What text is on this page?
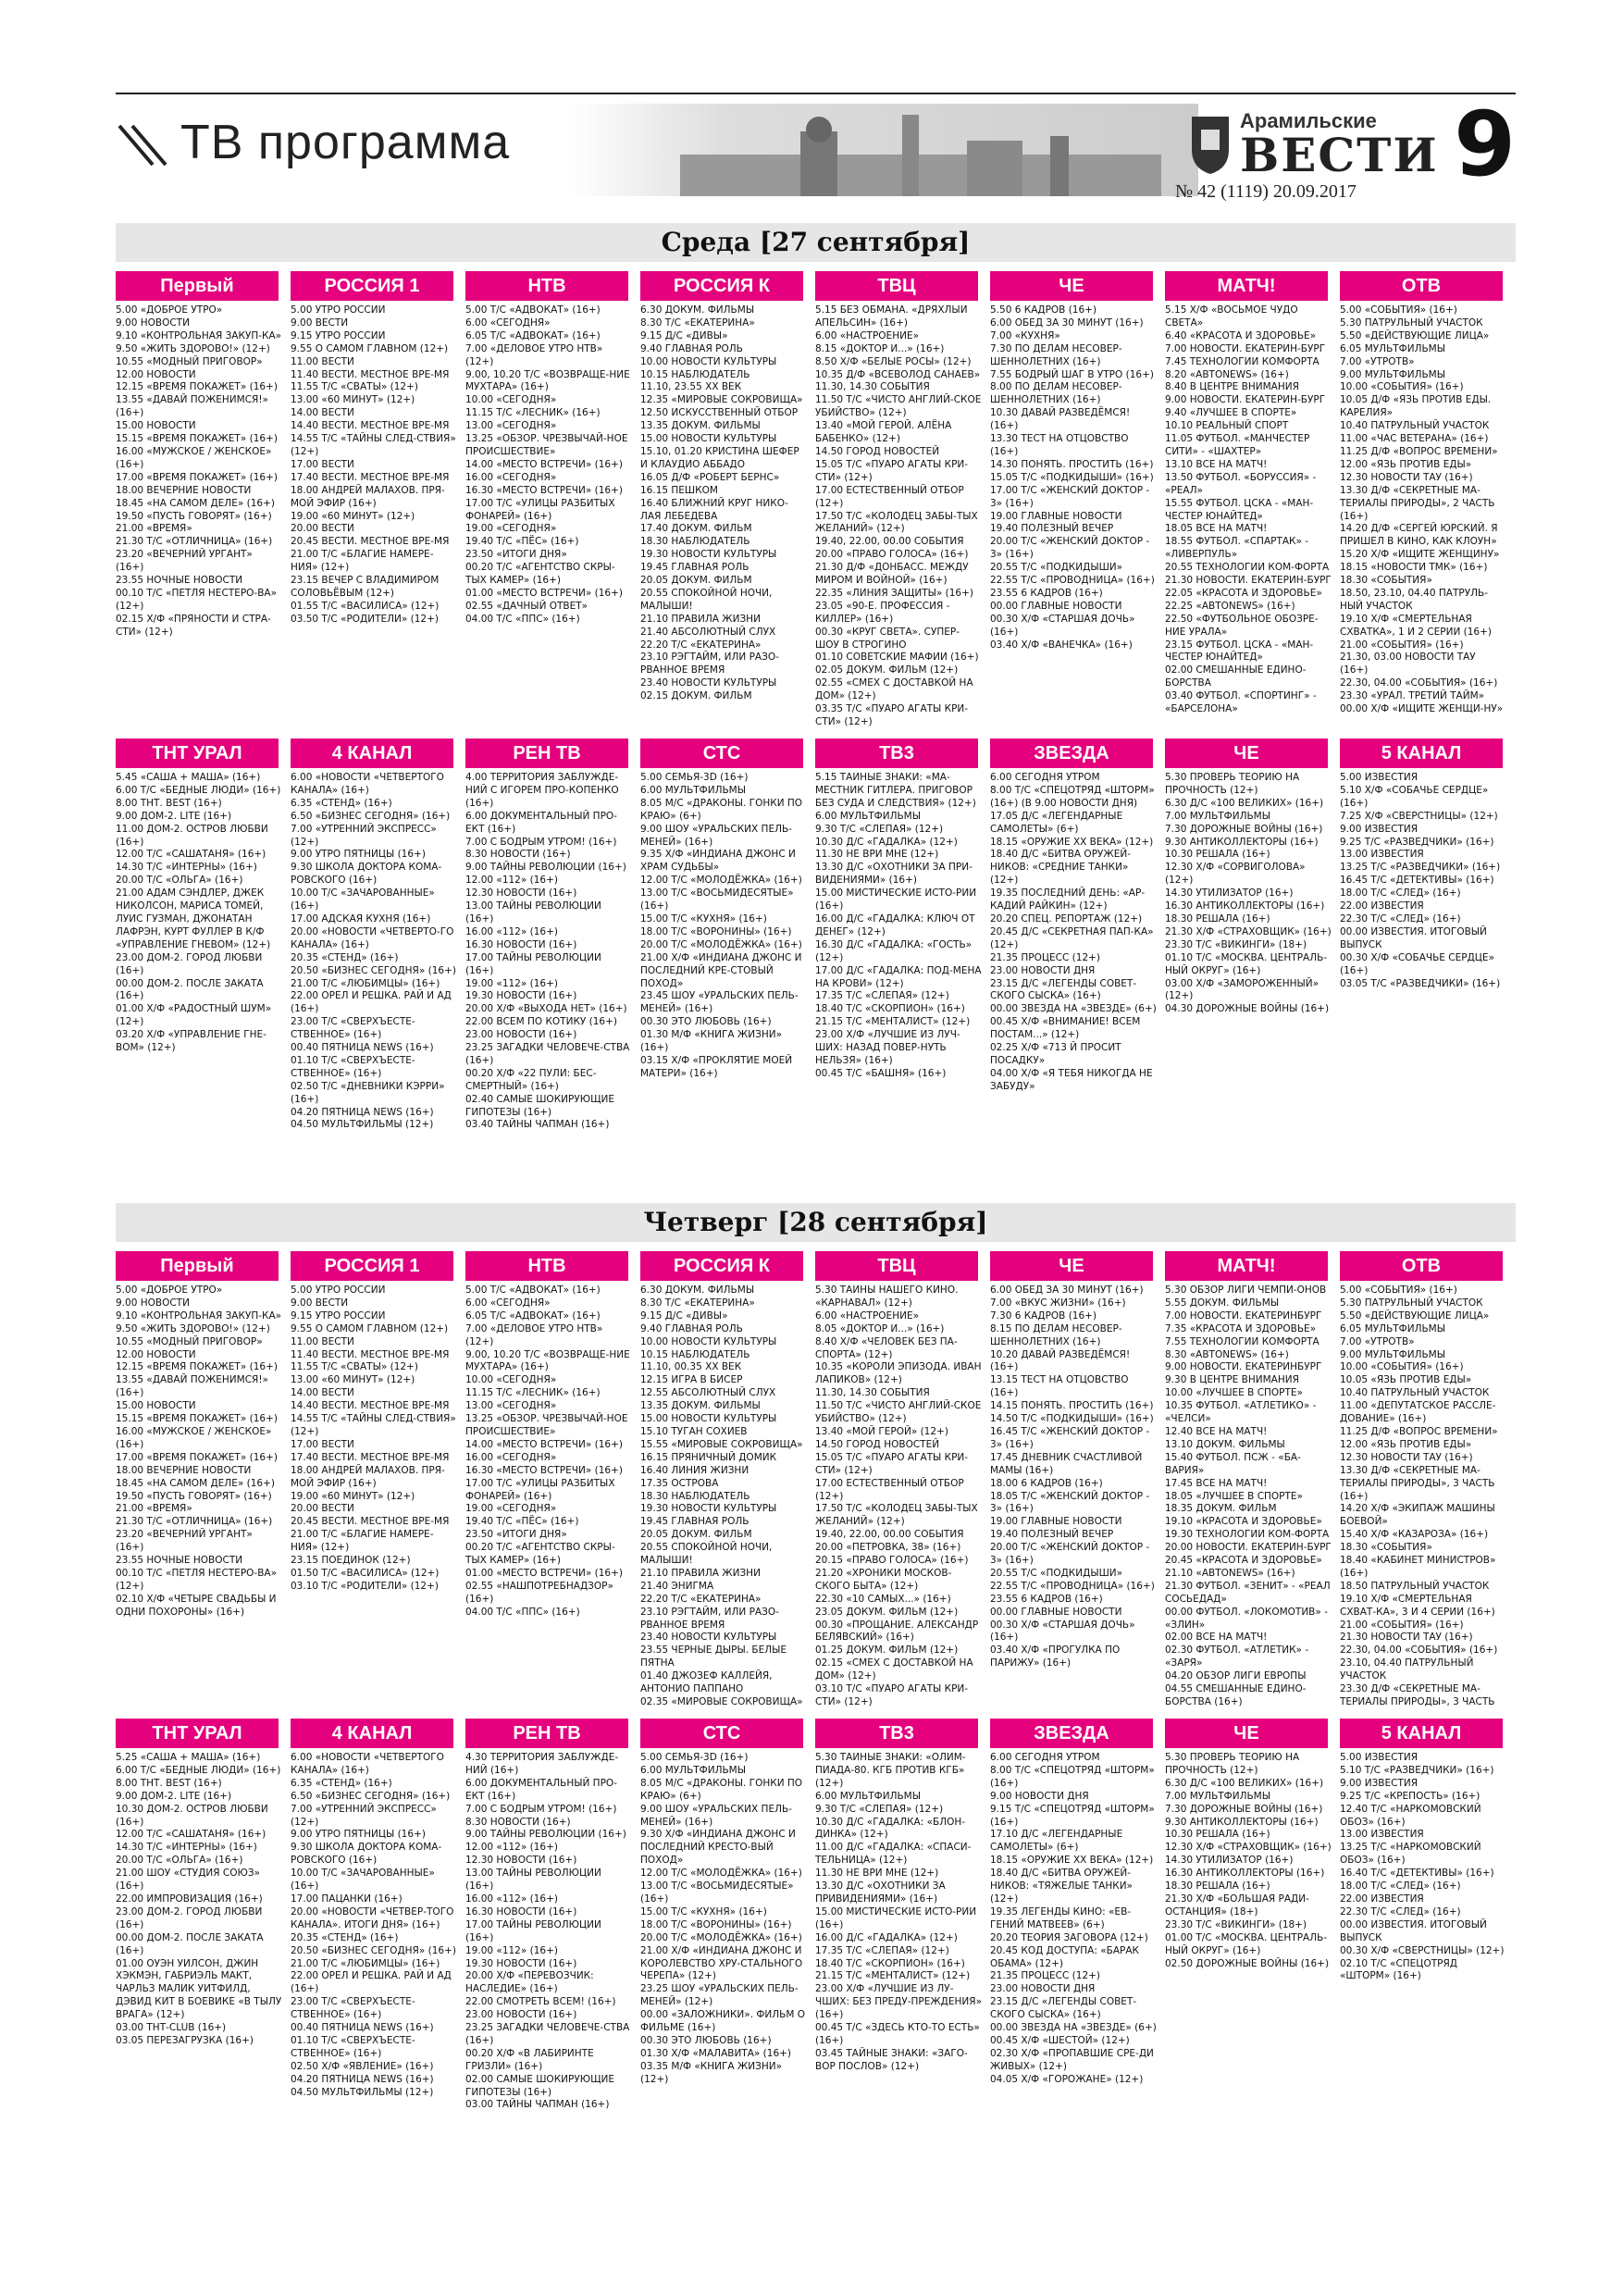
ТВ программа	Арамильские
ВЕСТИ
№ 42 (1119) 20.09.2017 9
Среда [27 сентября]
Первый
5.00 «ДОБРОЕ УТРО»
9.00 НОВОСТИ
9.10 «КОНТРОЛЬНАЯ ЗАКУП-КА»
9.50 «ЖИТЬ ЗДОРОВО!» (12+)
10.55 «МОДНЫЙ ПРИГОВОР»
12.00 НОВОСТИ
12.15 «ВРЕМЯ ПОКАЖЕТ» (16+)
13.55 «ДАВАЙ ПОЖЕНИМСЯ!» (16+)
15.00 НОВОСТИ
15.15 «ВРЕМЯ ПОКАЖЕТ» (16+)
16.00 «МУЖСКОЕ / ЖЕНСКОЕ» (16+)
17.00 «ВРЕМЯ ПОКАЖЕТ» (16+)
18.00 ВЕЧЕРНИЕ НОВОСТИ
18.45 «НА САМОМ ДЕЛЕ» (16+)
19.50 «ПУСТЬ ГОВОРЯТ» (16+)
21.00 «ВРЕМЯ»
21.30 Т/С «ОТЛИЧНИЦА» (16+)
23.20 «ВЕЧЕРНИЙ УРГАНТ» (16+)
23.55 НОЧНЫЕ НОВОСТИ
00.10 Т/С «ПЕТЛЯ НЕСТЕРО-ВА» (12+)
02.15 Х/Ф «ПРЯНОСТИ И СТРА-СТИ» (12+)
РОССИЯ 1
5.00 УТРО РОССИИ
9.00 ВЕСТИ
9.15 УТРО РОССИИ
9.55 О САМОМ ГЛАВНОМ (12+)
11.00 ВЕСТИ
11.40 ВЕСТИ. МЕСТНОЕ ВРЕ-МЯ
11.55 Т/С «СВАТЫ» (12+)
13.00 «60 МИНУТ» (12+)
14.00 ВЕСТИ
14.40 ВЕСТИ. МЕСТНОЕ ВРЕ-МЯ
14.55 Т/С «ТАЙНЫ СЛЕД-СТВИЯ» (12+)
17.00 ВЕСТИ
17.40 ВЕСТИ. МЕСТНОЕ ВРЕ-МЯ
18.00 АНДРЕЙ МАЛАХОВ. ПРЯ-МОЙ ЭФИР (16+)
19.00 «60 МИНУТ» (12+)
20.00 ВЕСТИ
20.45 ВЕСТИ. МЕСТНОЕ ВРЕ-МЯ
21.00 Т/С «БЛАГИЕ НАМЕРЕ-НИЯ» (12+)
23.15 ВЕЧЕР С ВЛАДИМИРОМ СОЛОВЬЁВЫМ (12+)
01.55 Т/С «ВАСИЛИСА» (12+)
03.50 Т/С «РОДИТЕЛИ» (12+)
НТВ
5.00 Т/С «АДВОКАТ» (16+)
6.00 «СЕГОДНЯ»
6.05 Т/С «АДВОКАТ» (16+)
7.00 «ДЕЛОВОЕ УТРО НТВ» (12+)
9.00, 10.20 Т/С «ВОЗВРАЩЕ-НИЕ МУХТАРА» (16+)
10.00 «СЕГОДНЯ»
11.15 Т/С «ЛЕСНИК» (16+)
13.00 «СЕГОДНЯ»
13.25 «ОБЗОР. ЧРЕЗВЫЧАЙ-НОЕ ПРОИСШЕСТВИЕ»
14.00 «МЕСТО ВСТРЕЧИ» (16+)
16.00 «СЕГОДНЯ»
16.30 «МЕСТО ВСТРЕЧИ» (16+)
17.00 Т/С «УЛИЦЫ РАЗБИТЫХ ФОНАРЕЙ» (16+)
19.00 «СЕГОДНЯ»
19.40 Т/С «ПЁС» (16+)
23.50 «ИТОГИ ДНЯ»
00.20 Т/С «АГЕНТСТВО СКРЫ-ТЫХ КАМЕР» (16+)
01.00 «МЕСТО ВСТРЕЧИ» (16+)
02.55 «ДАЧНЫЙ ОТВЕТ»
04.00 Т/С «ППС» (16+)
РОССИЯ К
6.30 ДОКУМ. ФИЛЬМЫ
8.30 Т/С «ЕКАТЕРИНА»
9.15 Д/С «ДИВЫ»
9.40 ГЛАВНАЯ РОЛЬ
10.00 НОВОСТИ КУЛЬТУРЫ
10.15 НАБЛЮДАТЕЛЬ
11.10, 23.55 XX ВЕК
12.35 «МИРОВЫЕ СОКРОВИЩА»
12.50 ИСКУССТВЕННЫЙ ОТБОР
13.35 ДОКУМ. ФИЛЬМЫ
15.00 НОВОСТИ КУЛЬТУРЫ
15.10, 01.20 КРИСТИНА ШЕФЕР И КЛАУДИО АББАДО
16.05 Д/Ф «РОБЕРТ БЕРНС»
16.15 ПЕШКОМ
16.40 БЛИЖНИЙ КРУГ НИКО-ЛАЯ ЛЕБЕДЕВА
17.40 ДОКУМ. ФИЛЬМ
18.30 НАБЛЮДАТЕЛЬ
19.30 НОВОСТИ КУЛЬТУРЫ
19.45 ГЛАВНАЯ РОЛЬ
20.05 ДОКУМ. ФИЛЬМ
20.55 СПОКОЙНОЙ НОЧИ, МАЛЫШИ!
21.10 ПРАВИЛА ЖИЗНИ
21.40 АБСОЛЮТНЫЙ СЛУХ
22.20 Т/С «ЕКАТЕРИНА»
23.10 РЭГТАЙМ, ИЛИ РАЗО-РВАННОЕ ВРЕМЯ
23.40 НОВОСТИ КУЛЬТУРЫ
02.15 ДОКУМ. ФИЛЬМ
ТВЦ
5.15 БЕЗ ОБМАНА. «ДРЯХЛЫЙ АПЕЛЬСИН» (16+)
6.00 «НАСТРОЕНИЕ»
8.15 «ДОКТОР И...» (16+)
8.50 Х/Ф «БЕЛЫЕ РОСЫ» (12+)
10.35 Д/Ф «ВСЕВОЛОД САНАЕВ»
11.30, 14.30 СОБЫТИЯ
11.50 Т/С «ЧИСТО АНГЛИЙ-СКОЕ УБИЙСТВО» (12+)
13.40 «МОЙ ГЕРОЙ. АЛЁНА БАБЕНКО» (12+)
14.50 ГОРОД НОВОСТЕЙ
15.05 Т/С «ПУАРО АГАТЫ КРИ-СТИ» (12+)
17.00 ЕСТЕСТВЕННЫЙ ОТБОР (12+)
17.50 Т/С «КОЛОДЕЦ ЗАБЫ-ТЫХ ЖЕЛАНИЙ» (12+)
19.40, 22.00, 00.00 СОБЫТИЯ
20.00 «ПРАВО ГОЛОСА» (16+)
21.30 Д/Ф «ДОНБАСС. МЕЖДУ МИРОМ И ВОЙНОЙ» (16+)
22.35 «ЛИНИЯ ЗАЩИТЫ» (16+)
23.05 «90-Е. ПРОФЕССИЯ - КИЛЛЕР» (16+)
00.30 «КРУГ СВЕТА». СУПЕР-ШОУ В СТРОГИНО
01.10 СОВЕТСКИЕ МАФИИ (16+)
02.05 ДОКУМ. ФИЛЬМ (12+)
02.55 «СМЕХ С ДОСТАВКОЙ НА ДОМ» (12+)
03.35 Т/С «ПУАРО АГАТЫ КРИ-СТИ» (12+)
ЧЕ
5.50 6 КАДРОВ (16+)
6.00 ОБЕД ЗА 30 МИНУТ (16+)
7.00 «КУХНЯ»
7.30 ПО ДЕЛАМ НЕСОВЕР-ШЕННОЛЕТНИХ (16+)
7.55 БОДРЫЙ ШАГ В УТРО (16+)
8.00 ПО ДЕЛАМ НЕСОВЕР-ШЕННОЛЕТНИХ (16+)
10.30 ДАВАЙ РАЗВЕДЁМСЯ! (16+)
13.30 ТЕСТ НА ОТЦОВСТВО (16+)
14.30 ПОНЯТЬ. ПРОСТИТЬ (16+)
15.05 Т/С «ПОДКИДЫШИ» (16+)
17.00 Т/С «ЖЕНСКИЙ ДОКТОР - 3» (16+)
19.00 ГЛАВНЫЕ НОВОСТИ
19.40 ПОЛЕЗНЫЙ ВЕЧЕР
20.00 Т/С «ЖЕНСКИЙ ДОКТОР - 3» (16+)
20.55 Т/С «ПОДКИДЫШИ»
22.55 Т/С «ПРОВОДНИЦА» (16+)
23.55 6 КАДРОВ (16+)
00.00 ГЛАВНЫЕ НОВОСТИ
00.30 Х/Ф «СТАРШАЯ ДОЧЬ» (16+)
03.40 Х/Ф «ВАНЕЧКА» (16+)
МАТЧ!
5.15 Х/Ф «ВОСЬМОЕ ЧУДО СВЕТА»
6.40 «КРАСОТА И ЗДОРОВЬЕ»
7.00 НОВОСТИ. ЕКАТЕРИН-БУРГ
7.45 ТЕХНОЛОГИИ КОМФОРТА
8.20 «АВТОNEWS» (16+)
8.40 В ЦЕНТРЕ ВНИМАНИЯ
9.00 НОВОСТИ. ЕКАТЕРИН-БУРГ
9.40 «ЛУЧШЕЕ В СПОРТЕ»
10.10 РЕАЛЬНЫЙ СПОРТ
11.05 ФУТБОЛ. «МАНЧЕСТЕР СИТИ» - «ШАХТЕР»
13.10 ВСЕ НА МАТЧ!
13.50 ФУТБОЛ. «БОРУССИЯ» - «РЕАЛ»
15.55 ФУТБОЛ. ЦСКА - «МАН-ЧЕСТЕР ЮНАЙТЕД»
18.05 ВСЕ НА МАТЧ!
18.55 ФУТБОЛ. «СПАРТАК» - «ЛИВЕРПУЛЬ»
20.55 ТЕХНОЛОГИИ КОМ-ФОРТА
21.30 НОВОСТИ. ЕКАТЕРИН-БУРГ
22.05 «КРАСОТА И ЗДОРОВЬЕ»
22.25 «АВТОNEWS» (16+)
22.50 «ФУТБОЛЬНОЕ ОБОЗРЕ-НИЕ УРАЛА»
23.15 ФУТБОЛ. ЦСКА - «МАН-ЧЕСТЕР ЮНАЙТЕД»
02.00 СМЕШАННЫЕ ЕДИНО-БОРСТВА
03.40 ФУТБОЛ. «СПОРТИНГ» - «БАРСЕЛОНА»
ОТВ
5.00 «СОБЫТИЯ» (16+)
5.30 ПАТРУЛЬНЫЙ УЧАСТОК
5.50 «ДЕЙСТВУЮЩИЕ ЛИЦА»
6.05 МУЛЬТФИЛЬМЫ
7.00 «УТРОТВ»
9.00 МУЛЬТФИЛЬМЫ
10.00 «СОБЫТИЯ» (16+)
10.05 Д/Ф «ЯЗЬ ПРОТИВ ЕДЫ. КАРЕЛИЯ»
10.40 ПАТРУЛЬНЫЙ УЧАСТОК
11.00 «ЧАС ВЕТЕРАНА» (16+)
11.25 Д/Ф «ВОПРОС ВРЕМЕНИ»
12.00 «ЯЗЬ ПРОТИВ ЕДЫ»
12.30 НОВОСТИ ТАУ (16+)
13.30 Д/Ф «СЕКРЕТНЫЕ МА-ТЕРИАЛЫ ПРИРОДЫ», 2 ЧАСТЬ (16+)
14.20 Д/Ф «СЕРГЕЙ ЮРСКИЙ. Я ПРИШЕЛ В КИНО, КАК КЛОУН»
15.20 Х/Ф «ИЩИТЕ ЖЕНЩИНУ»
18.15 «НОВОСТИ ТМК» (16+)
18.30 «СОБЫТИЯ»
18.50, 23.10, 04.40 ПАТРУЛЬ-НЫЙ УЧАСТОК
19.10 Х/Ф «СМЕРТЕЛЬНАЯ СХВАТКА», 1 И 2 СЕРИИ (16+)
21.00 «СОБЫТИЯ» (16+)
21.30, 03.00 НОВОСТИ ТАУ (16+)
22.30, 04.00 «СОБЫТИЯ» (16+)
23.30 «УРАЛ. ТРЕТИЙ ТАЙМ»
00.00 Х/Ф «ИЩИТЕ ЖЕНЩИ-НУ»
ТНТ УРАЛ
5.45 «САША + МАША» (16+)
6.00 Т/С «БЕДНЫЕ ЛЮДИ» (16+)
8.00 ТНТ. BEST (16+)
9.00 ДОМ-2. LITE (16+)
11.00 ДОМ-2. ОСТРОВ ЛЮБВИ (16+)
12.00 Т/С «САШАТАНЯ» (16+)
14.30 Т/С «ИНТЕРНЫ» (16+)
20.00 Т/С «ОЛЬГА» (16+)
21.00 АДАМ СЭНДЛЕР, ДЖЕК НИКОЛСОН, МАРИСА ТОМЕЙ, ЛУИС ГУЗМАН, ДЖОНАТАН ЛАФРЭН, КУРТ ФУЛЛЕР В К/Ф «УПРАВЛЕНИЕ ГНЕВОМ» (12+)
23.00 ДОМ-2. ГОРОД ЛЮБВИ (16+)
00.00 ДОМ-2. ПОСЛЕ ЗАКАТА (16+)
01.00 Х/Ф «РАДОСТНЫЙ ШУМ» (12+)
03.20 Х/Ф «УПРАВЛЕНИЕ ГНЕ-ВОМ» (12+)
4 КАНАЛ
6.00 «НОВОСТИ «ЧЕТВЕРТОГО КАНАЛА» (16+)
6.35 «СТЕНД» (16+)
6.50 «БИЗНЕС СЕГОДНЯ» (16+)
7.00 «УТРЕННИЙ ЭКСПРЕСС» (12+)
9.00 УТРО ПЯТНИЦЫ (16+)
9.30 ШКОЛА ДОКТОРА КОМА-РОВСКОГО (16+)
10.00 Т/С «ЗАЧАРОВАННЫЕ» (16+)
17.00 АДСКАЯ КУХНЯ (16+)
20.00 «НОВОСТИ «ЧЕТВЕРТО-ГО КАНАЛА» (16+)
20.35 «СТЕНД» (16+)
20.50 «БИЗНЕС СЕГОДНЯ» (16+)
21.00 Т/С «ЛЮБИМЦЫ» (16+)
22.00 ОРЕЛ И РЕШКА. РАЙ И АД (16+)
23.00 Т/С «СВЕРХЪЕСТЕ-СТВЕННОЕ» (16+)
00.40 ПЯТНИЦА NEWS (16+)
01.10 Т/С «СВЕРХЪЕСТЕ-СТВЕННОЕ» (16+)
02.50 Т/С «ДНЕВНИКИ КЭРРИ» (16+)
04.20 ПЯТНИЦА NEWS (16+)
04.50 МУЛЬТФИЛЬМЫ (12+)
РЕН ТВ
4.00 ТЕРРИТОРИЯ ЗАБЛУЖДЕ-НИЙ С ИГОРЕМ ПРО-КОПЕНКО (16+)
6.00 ДОКУМЕНТАЛЬНЫЙ ПРО-ЕКТ (16+)
7.00 С БОДРЫМ УТРОМ! (16+)
8.30 НОВОСТИ (16+)
9.00 ТАЙНЫ РЕВОЛЮЦИИ (16+)
12.00 «112» (16+)
12.30 НОВОСТИ (16+)
13.00 ТАЙНЫ РЕВОЛЮЦИИ (16+)
16.00 «112» (16+)
16.30 НОВОСТИ (16+)
17.00 ТАЙНЫ РЕВОЛЮЦИИ (16+)
19.00 «112» (16+)
19.30 НОВОСТИ (16+)
20.00 Х/Ф «ВЫХОДА НЕТ» (16+)
22.00 ВСЕМ ПО КОТИКУ (16+)
23.00 НОВОСТИ (16+)
23.25 ЗАГАДКИ ЧЕЛОВЕЧЕ-СТВА (16+)
00.20 Х/Ф «22 ПУЛИ: БЕС-СМЕРТНЫЙ» (16+)
02.40 САМЫЕ ШОКИРУЮЩИЕ ГИПОТЕЗЫ (16+)
03.40 ТАЙНЫ ЧАПМАН (16+)
СТС
5.00 СЕМЬЯ-3D (16+)
6.00 МУЛЬТФИЛЬМЫ
8.05 М/С «ДРАКОНЫ. ГОНКИ ПО КРАЮ» (6+)
9.00 ШОУ «УРАЛЬСКИХ ПЕЛЬ-МЕНЕЙ» (16+)
9.35 Х/Ф «ИНДИАНА ДЖОНС И ХРАМ СУДЬБЫ»
12.00 Т/С «МОЛОДЁЖКА» (16+)
13.00 Т/С «ВОСЬМИДЕСЯТЫЕ» (16+)
15.00 Т/С «КУХНЯ» (16+)
18.00 Т/С «ВОРОНИНЫ» (16+)
20.00 Т/С «МОЛОДЁЖКА» (16+)
21.00 Х/Ф «ИНДИАНА ДЖОНС И ПОСЛЕДНИЙ КРЕ-СТОВЫЙ ПОХОД»
23.45 ШОУ «УРАЛЬСКИХ ПЕЛЬ-МЕНЕЙ» (16+)
00.30 ЭТО ЛЮБОВЬ (16+)
01.30 М/Ф «КНИГА ЖИЗНИ» (16+)
03.15 Х/Ф «ПРОКЛЯТИЕ МОЕЙ МАТЕРИ» (16+)
ТВ3
5.15 ТАЙНЫЕ ЗНАКИ: «МА-МЕСТНИК ГИТЛЕРА. ПРИГОВОР БЕЗ СУДА И СЛЕДСТВИЯ» (12+)
6.00 МУЛЬТФИЛЬМЫ
9.30 Т/С «СЛЕПАЯ» (12+)
10.30 Д/С «ГАДАЛКА» (12+)
11.30 НЕ ВРИ МНЕ (12+)
13.30 Д/С «ОХОТНИКИ ЗА ПРИ-ВИДЕНИЯМИ» (16+)
15.00 МИСТИЧЕСКИЕ ИСТО-РИИ (16+)
16.00 Д/С «ГАДАЛКА: КЛЮЧ ОТ ДЕНЕГ» (12+)
16.30 Д/С «ГАДАЛКА: «ГОСТЬ» (12+)
17.00 Д/С «ГАДАЛКА: ПОД-МЕНА НА КРОВИ» (12+)
17.35 Т/С «СЛЕПАЯ» (12+)
18.40 Т/С «СКОРПИОН» (16+)
21.15 Т/С «МЕНТАЛИСТ» (12+)
23.00 Х/Ф «ЛУЧШИЕ ИЗ ЛУЧ-ШИХ: НАЗАД ПОВЕР-НУТЬ НЕЛЬЗЯ» (16+)
00.45 Т/С «БАШНЯ» (16+)
ЗВЕЗДА
6.00 СЕГОДНЯ УТРОМ
8.00 Т/С «СПЕЦОТРЯД «ШТОРМ» (16+) (В 9.00 НОВОСТИ ДНЯ)
17.05 Д/С «ЛЕГЕНДАРНЫЕ САМОЛЕТЫ» (6+)
18.15 «ОРУЖИЕ XX ВЕКА» (12+)
18.40 Д/С «БИТВА ОРУЖЕЙ-НИКОВ: «СРЕДНИЕ ТАНКИ» (12+)
19.35 ПОСЛЕДНИЙ ДЕНЬ: «АР-КАДИЙ РАЙКИН» (12+)
20.20 СПЕЦ. РЕПОРТАЖ (12+)
20.45 Д/С «СЕКРЕТНАЯ ПАП-КА» (12+)
21.35 ПРОЦЕСС (12+)
23.00 НОВОСТИ ДНЯ
23.15 Д/С «ЛЕГЕНДЫ СОВЕТ-СКОГО СЫСКА» (16+)
00.00 ЗВЕЗДА НА «ЗВЕЗДЕ» (6+)
00.45 Х/Ф «ВНИМАНИЕ! ВСЕМ ПОСТАМ...» (12+)
02.25 Х/Ф «713 Й ПРОСИТ ПОСАДКУ»
04.00 Х/Ф «Я ТЕБЯ НИКОГДА НЕ ЗАБУДУ»
ЧЕ
5.30 ПРОВЕРЬ ТЕОРИЮ НА ПРОЧНОСТЬ (12+)
6.30 Д/С «100 ВЕЛИКИХ» (16+)
7.00 МУЛЬТФИЛЬМЫ
7.30 ДОРОЖНЫЕ ВОЙНЫ (16+)
9.30 АНТИКОЛЛЕКТОРЫ (16+)
10.30 РЕШАЛА (16+)
12.30 Х/Ф «СОРВИГОЛОВА» (12+)
14.30 УТИЛИЗАТОР (16+)
16.30 АНТИКОЛЛЕКТОРЫ (16+)
18.30 РЕШАЛА (16+)
21.30 Х/Ф «СТРАХОВЩИК» (16+)
23.30 Т/С «ВИКИНГИ» (18+)
01.10 Т/С «МОСКВА. ЦЕНТРАЛЬ-НЫЙ ОКРУГ» (16+)
03.00 Х/Ф «ЗАМОРОЖЕННЫЙ» (12+)
04.30 ДОРОЖНЫЕ ВОЙНЫ (16+)
5 КАНАЛ
5.00 ИЗВЕСТИЯ
5.10 Х/Ф «СОБАЧЬЕ СЕРДЦЕ» (16+)
7.25 Х/Ф «СВЕРСТНИЦЫ» (12+)
9.00 ИЗВЕСТИЯ
9.25 Т/С «РАЗВЕДЧИКИ» (16+)
13.00 ИЗВЕСТИЯ
13.25 Т/С «РАЗВЕДЧИКИ» (16+)
16.45 Т/С «ДЕТЕКТИВЫ» (16+)
18.00 Т/С «СЛЕД» (16+)
22.00 ИЗВЕСТИЯ
22.30 Т/С «СЛЕД» (16+)
00.00 ИЗВЕСТИЯ. ИТОГОВЫЙ ВЫПУСК
00.30 Х/Ф «СОБАЧЬЕ СЕРДЦЕ» (16+)
03.05 Т/С «РАЗВЕДЧИКИ» (16+)
Четверг [28 сентября]
Первый
5.00 «ДОБРОЕ УТРО»
9.00 НОВОСТИ
9.10 «КОНТРОЛЬНАЯ ЗАКУП-КА»
9.50 «ЖИТЬ ЗДОРОВО!» (12+)
10.55 «МОДНЫЙ ПРИГОВОР»
12.00 НОВОСТИ
12.15 «ВРЕМЯ ПОКАЖЕТ» (16+)
13.55 «ДАВАЙ ПОЖЕНИМСЯ!» (16+)
15.00 НОВОСТИ
15.15 «ВРЕМЯ ПОКАЖЕТ» (16+)
16.00 «МУЖСКОЕ / ЖЕНСКОЕ» (16+)
17.00 «ВРЕМЯ ПОКАЖЕТ» (16+)
18.00 ВЕЧЕРНИЕ НОВОСТИ
18.45 «НА САМОМ ДЕЛЕ» (16+)
19.50 «ПУСТЬ ГОВОРЯТ» (16+)
21.00 «ВРЕМЯ»
21.30 Т/С «ОТЛИЧНИЦА» (16+)
23.20 «ВЕЧЕРНИЙ УРГАНТ» (16+)
23.55 НОЧНЫЕ НОВОСТИ
00.10 Т/С «ПЕТЛЯ НЕСТЕРО-ВА» (12+)
02.10 Х/Ф «ЧЕТЫРЕ СВАДЬБЫ И ОДНИ ПОХОРОНЫ» (16+)
РОССИЯ 1
5.00 УТРО РОССИИ
9.00 ВЕСТИ
9.15 УТРО РОССИИ
9.55 О САМОМ ГЛАВНОМ (12+)
11.00 ВЕСТИ
11.40 ВЕСТИ. МЕСТНОЕ ВРЕ-МЯ
11.55 Т/С «СВАТЫ» (12+)
13.00 «60 МИНУТ» (12+)
14.00 ВЕСТИ
14.40 ВЕСТИ. МЕСТНОЕ ВРЕ-МЯ
14.55 Т/С «ТАЙНЫ СЛЕД-СТВИЯ» (12+)
17.00 ВЕСТИ
17.40 ВЕСТИ. МЕСТНОЕ ВРЕ-МЯ
18.00 АНДРЕЙ МАЛАХОВ. ПРЯ-МОЙ ЭФИР (16+)
19.00 «60 МИНУТ» (12+)
20.00 ВЕСТИ
20.45 ВЕСТИ. МЕСТНОЕ ВРЕ-МЯ
21.00 Т/С «БЛАГИЕ НАМЕРЕ-НИЯ» (12+)
23.15 ПОЕДИНОК (12+)
01.50 Т/С «ВАСИЛИСА» (12+)
03.10 Т/С «РОДИТЕЛИ» (12+)
НТВ
5.00 Т/С «АДВОКАТ» (16+)
6.00 «СЕГОДНЯ»
6.05 Т/С «АДВОКАТ» (16+)
7.00 «ДЕЛОВОЕ УТРО НТВ» (12+)
9.00, 10.20 Т/С «ВОЗВРАЩЕ-НИЕ МУХТАРА» (16+)
10.00 «СЕГОДНЯ»
11.15 Т/С «ЛЕСНИК» (16+)
13.00 «СЕГОДНЯ»
13.25 «ОБЗОР. ЧРЕЗВЫЧАЙ-НОЕ ПРОИСШЕСТВИЕ»
14.00 «МЕСТО ВСТРЕЧИ» (16+)
16.00 «СЕГОДНЯ»
16.30 «МЕСТО ВСТРЕЧИ» (16+)
17.00 Т/С «УЛИЦЫ РАЗБИТЫХ ФОНАРЕЙ» (16+)
19.00 «СЕГОДНЯ»
19.40 Т/С «ПЁС» (16+)
23.50 «ИТОГИ ДНЯ»
00.20 Т/С «АГЕНТСТВО СКРЫ-ТЫХ КАМЕР» (16+)
01.00 «МЕСТО ВСТРЕЧИ» (16+)
02.55 «НАШПОТРЕБНАДЗОР» (16+)
04.00 Т/С «ППС» (16+)
РОССИЯ К
6.30 ДОКУМ. ФИЛЬМЫ
8.30 Т/С «ЕКАТЕРИНА»
9.15 Д/С «ДИВЫ»
9.40 ГЛАВНАЯ РОЛЬ
10.00 НОВОСТИ КУЛЬТУРЫ
10.15 НАБЛЮДАТЕЛЬ
11.10, 00.35 XX ВЕК
12.15 ИГРА В БИСЕР
12.55 АБСОЛЮТНЫЙ СЛУХ
13.35 ДОКУМ. ФИЛЬМЫ
15.00 НОВОСТИ КУЛЬТУРЫ
15.10 ТУГАН СОХИЕВ
15.55 «МИРОВЫЕ СОКРОВИЩА»
16.15 ПРЯНИЧНЫЙ ДОМИК
16.40 ЛИНИЯ ЖИЗНИ
17.35 ОСТРОВА
18.30 НАБЛЮДАТЕЛЬ
19.30 НОВОСТИ КУЛЬТУРЫ
19.45 ГЛАВНАЯ РОЛЬ
20.05 ДОКУМ. ФИЛЬМ
20.55 СПОКОЙНОЙ НОЧИ, МАЛЫШИ!
21.10 ПРАВИЛА ЖИЗНИ
21.40 ЭНИГМА
22.20 Т/С «ЕКАТЕРИНА»
23.10 РЭГТАЙМ, ИЛИ РАЗО-РВАННОЕ ВРЕМЯ
23.40 НОВОСТИ КУЛЬТУРЫ
23.55 ЧЕРНЫЕ ДЫРЫ. БЕЛЫЕ ПЯТНА
01.40 ДЖОЗЕФ КАЛЛЕЙЯ, АНТОНИО ПАППАНО
02.35 «МИРОВЫЕ СОКРОВИЩА»
ТВЦ
5.30 ТАЙНЫ НАШЕГО КИНО. «КАРНАВАЛ» (12+)
6.00 «НАСТРОЕНИЕ»
8.05 «ДОКТОР И...» (16+)
8.40 Х/Ф «ЧЕЛОВЕК БЕЗ ПА-СПОРТА» (12+)
10.35 «КОРОЛИ ЭПИЗОДА. ИВАН ЛАПИКОВ» (12+)
11.30, 14.30 СОБЫТИЯ
11.50 Т/С «ЧИСТО АНГЛИЙ-СКОЕ УБИЙСТВО» (12+)
13.40 «МОЙ ГЕРОЙ» (12+)
14.50 ГОРОД НОВОСТЕЙ
15.05 Т/С «ПУАРО АГАТЫ КРИ-СТИ» (12+)
17.00 ЕСТЕСТВЕННЫЙ ОТБОР (12+)
17.50 Т/С «КОЛОДЕЦ ЗАБЫ-ТЫХ ЖЕЛАНИЙ» (12+)
19.40, 22.00, 00.00 СОБЫТИЯ
20.00 «ПЕТРОВКА, 38» (16+)
20.15 «ПРАВО ГОЛОСА» (16+)
21.20 «ХРОНИКИ МОСКОВ-СКОГО БЫТА» (12+)
22.30 «10 САМЫХ...» (16+)
23.05 ДОКУМ. ФИЛЬМ (12+)
00.30 «ПРОЩАНИЕ. АЛЕКСАНДР БЕЛЯВСКИЙ» (16+)
01.25 ДОКУМ. ФИЛЬМ (12+)
02.15 «СМЕХ С ДОСТАВКОЙ НА ДОМ» (12+)
03.10 Т/С «ПУАРО АГАТЫ КРИ-СТИ» (12+)
ЧЕ
6.00 ОБЕД ЗА 30 МИНУТ (16+)
7.00 «ВКУС ЖИЗНИ» (16+)
7.30 6 КАДРОВ (16+)
8.15 ПО ДЕЛАМ НЕСОВЕР-ШЕННОЛЕТНИХ (16+)
10.20 ДАВАЙ РАЗВЕДЁМСЯ! (16+)
13.15 ТЕСТ НА ОТЦОВСТВО (16+)
14.15 ПОНЯТЬ. ПРОСТИТЬ (16+)
14.50 Т/С «ПОДКИДЫШИ» (16+)
16.45 Т/С «ЖЕНСКИЙ ДОКТОР - 3» (16+)
17.45 ДНЕВНИК СЧАСТЛИВОЙ МАМЫ (16+)
18.00 6 КАДРОВ (16+)
18.05 Т/С «ЖЕНСКИЙ ДОКТОР - 3» (16+)
19.00 ГЛАВНЫЕ НОВОСТИ
19.40 ПОЛЕЗНЫЙ ВЕЧЕР
20.00 Т/С «ЖЕНСКИЙ ДОКТОР - 3» (16+)
20.55 Т/С «ПОДКИДЫШИ»
22.55 Т/С «ПРОВОДНИЦА» (16+)
23.55 6 КАДРОВ (16+)
00.00 ГЛАВНЫЕ НОВОСТИ
00.30 Х/Ф «СТАРШАЯ ДОЧЬ» (16+)
03.40 Х/Ф «ПРОГУЛКА ПО ПАРИЖУ» (16+)
МАТЧ!
5.30 ОБЗОР ЛИГИ ЧЕМПИ-ОНОВ
5.55 ДОКУМ. ФИЛЬМЫ
7.00 НОВОСТИ. ЕКАТЕРИНБУРГ
7.35 «КРАСОТА И ЗДОРОВЬЕ»
7.55 ТЕХНОЛОГИИ КОМФОРТА
8.30 «АВТОNEWS» (16+)
9.00 НОВОСТИ. ЕКАТЕРИНБУРГ
9.30 В ЦЕНТРЕ ВНИМАНИЯ
10.00 «ЛУЧШЕЕ В СПОРТЕ»
10.35 ФУТБОЛ. «АТЛЕТИКО» - «ЧЕЛСИ»
12.40 ВСЕ НА МАТЧ!
13.10 ДОКУМ. ФИЛЬМЫ
15.40 ФУТБОЛ. ПСЖ - «БА-ВАРИЯ»
17.45 ВСЕ НА МАТЧ!
18.05 «ЛУЧШЕЕ В СПОРТЕ»
18.35 ДОКУМ. ФИЛЬМ
19.10 «КРАСОТА И ЗДОРОВЬЕ»
19.30 ТЕХНОЛОГИИ КОМ-ФОРТА
20.00 НОВОСТИ. ЕКАТЕРИН-БУРГ
20.45 «КРАСОТА И ЗДОРОВЬЕ»
21.10 «АВТОNEWS» (16+)
21.30 ФУТБОЛ. «ЗЕНИТ» - «РЕАЛ СОСЬЕДАД»
00.00 ФУТБОЛ. «ЛОКОМОТИВ» - «ЗЛИН»
02.00 ВСЕ НА МАТЧ!
02.30 ФУТБОЛ. «АТЛЕТИК» - «ЗАРЯ»
04.20 ОБЗОР ЛИГИ ЕВРОПЫ
04.55 СМЕШАННЫЕ ЕДИНО-БОРСТВА (16+)
ОТВ
5.00 «СОБЫТИЯ» (16+)
5.30 ПАТРУЛЬНЫЙ УЧАСТОК
5.50 «ДЕЙСТВУЮЩИЕ ЛИЦА»
6.05 МУЛЬТФИЛЬМЫ
7.00 «УТРОТВ»
9.00 МУЛЬТФИЛЬМЫ
10.00 «СОБЫТИЯ» (16+)
10.05 «ЯЗЬ ПРОТИВ ЕДЫ»
10.40 ПАТРУЛЬНЫЙ УЧАСТОК
11.00 «ДЕПУТАТСКОЕ РАССЛЕ-ДОВАНИЕ» (16+)
11.25 Д/Ф «ВОПРОС ВРЕМЕНИ»
12.00 «ЯЗЬ ПРОТИВ ЕДЫ»
12.30 НОВОСТИ ТАУ (16+)
13.30 Д/Ф «СЕКРЕТНЫЕ МА-ТЕРИАЛЫ ПРИРОДЫ», 3 ЧАСТЬ (16+)
14.20 Х/Ф «ЭКИПАЖ МАШИНЫ БОЕВОЙ»
15.40 Х/Ф «КАЗАРОЗА» (16+)
18.30 «СОБЫТИЯ»
18.40 «КАБИНЕТ МИНИСТРОВ» (16+)
18.50 ПАТРУЛЬНЫЙ УЧАСТОК
19.10 Х/Ф «СМЕРТЕЛЬНАЯ СХВАТ-КА», 3 И 4 СЕРИИ (16+)
21.00 «СОБЫТИЯ» (16+)
21.30 НОВОСТИ ТАУ (16+)
22.30, 04.00 «СОБЫТИЯ» (16+)
23.10, 04.40 ПАТРУЛЬНЫЙ УЧАСТОК
23.30 Д/Ф «СЕКРЕТНЫЕ МА-ТЕРИАЛЫ ПРИРОДЫ», 3 ЧАСТЬ
ТНТ УРАЛ
5.25 «САША + МАША» (16+)
6.00 Т/С «БЕДНЫЕ ЛЮДИ» (16+)
8.00 ТНТ. BEST (16+)
9.00 ДОМ-2. LITE (16+)
10.30 ДОМ-2. ОСТРОВ ЛЮБВИ (16+)
12.00 Т/С «САШАТАНЯ» (16+)
14.30 Т/С «ИНТЕРНЫ» (16+)
20.00 Т/С «ОЛЬГА» (16+)
21.00 ШОУ «СТУДИЯ СОЮЗ» (16+)
22.00 ИМПРОВИЗАЦИЯ (16+)
23.00 ДОМ-2. ГОРОД ЛЮБВИ (16+)
00.00 ДОМ-2. ПОСЛЕ ЗАКАТА (16+)
01.00 ОУЭН УИЛСОН, ДЖИН ХЭКМЭН, ГАБРИЭЛЬ МАКТ, ЧАРЛЬЗ МАЛИК УИТФИЛД, ДЭВИД КИТ В БОЕВИКЕ «В ТЫЛУ ВРАГА» (12+)
03.00 ТНТ-CLUB (16+)
03.05 ПЕРЕЗАГРУЗКА (16+)
4 КАНАЛ
6.00 «НОВОСТИ «ЧЕТВЕРТОГО КАНАЛА» (16+)
6.35 «СТЕНД» (16+)
6.50 «БИЗНЕС СЕГОДНЯ» (16+)
7.00 «УТРЕННИЙ ЭКСПРЕСС» (12+)
9.00 УТРО ПЯТНИЦЫ (16+)
9.30 ШКОЛА ДОКТОРА КОМА-РОВСКОГО (16+)
10.00 Т/С «ЗАЧАРОВАННЫЕ» (16+)
17.00 ПАЦАНКИ (16+)
20.00 «НОВОСТИ «ЧЕТВЕР-ТОГО КАНАЛА». ИТОГИ ДНЯ» (16+)
20.35 «СТЕНД» (16+)
20.50 «БИЗНЕС СЕГОДНЯ» (16+)
21.00 Т/С «ЛЮБИМЦЫ» (16+)
22.00 ОРЕЛ И РЕШКА. РАЙ И АД (16+)
23.00 Т/С «СВЕРХЪЕСТЕ-СТВЕННОЕ» (16+)
00.40 ПЯТНИЦА NEWS (16+)
01.10 Т/С «СВЕРХЪЕСТЕ-СТВЕННОЕ» (16+)
02.50 Х/Ф «ЯВЛЕНИЕ» (16+)
04.20 ПЯТНИЦА NEWS (16+)
04.50 МУЛЬТФИЛЬМЫ (12+)
РЕН ТВ
4.30 ТЕРРИТОРИЯ ЗАБЛУЖДЕ-НИЙ (16+)
6.00 ДОКУМЕНТАЛЬНЫЙ ПРО-ЕКТ (16+)
7.00 С БОДРЫМ УТРОМ! (16+)
8.30 НОВОСТИ (16+)
9.00 ТАЙНЫ РЕВОЛЮЦИИ (16+)
12.00 «112» (16+)
12.30 НОВОСТИ (16+)
13.00 ТАЙНЫ РЕВОЛЮЦИИ (16+)
16.00 «112» (16+)
16.30 НОВОСТИ (16+)
17.00 ТАЙНЫ РЕВОЛЮЦИИ (16+)
19.00 «112» (16+)
19.30 НОВОСТИ (16+)
20.00 Х/Ф «ПЕРЕВОЗЧИК: НАСЛЕДИЕ» (16+)
22.00 СМОТРЕТЬ ВСЕМ! (16+)
23.00 НОВОСТИ (16+)
23.25 ЗАГАДКИ ЧЕЛОВЕЧЕ-СТВА (16+)
00.20 Х/Ф «В ЛАБИРИНТЕ ГРИЗЛИ» (16+)
02.00 САМЫЕ ШОКИРУЮЩИЕ ГИПОТЕЗЫ (16+)
03.00 ТАЙНЫ ЧАПМАН (16+)
СТС
5.00 СЕМЬЯ-3D (16+)
6.00 МУЛЬТФИЛЬМЫ
8.05 М/С «ДРАКОНЫ. ГОНКИ ПО КРАЮ» (6+)
9.00 ШОУ «УРАЛЬСКИХ ПЕЛЬ-МЕНЕЙ» (16+)
9.30 Х/Ф «ИНДИАНА ДЖОНС И ПОСЛЕДНИЙ КРЕСТО-ВЫЙ ПОХОД»
12.00 Т/С «МОЛОДЁЖКА» (16+)
13.00 Т/С «ВОСЬМИДЕСЯТЫЕ» (16+)
15.00 Т/С «КУХНЯ» (16+)
18.00 Т/С «ВОРОНИНЫ» (16+)
20.00 Т/С «МОЛОДЁЖКА» (16+)
21.00 Х/Ф «ИНДИАНА ДЖОНС И КОРОЛЕВСТВО ХРУ-СТАЛЬНОГО ЧЕРЕПА» (12+)
23.25 ШОУ «УРАЛЬСКИХ ПЕЛЬ-МЕНЕЙ» (12+)
00.00 «ЗАЛОЖНИКИ». ФИЛЬМ О ФИЛЬМЕ (16+)
00.30 ЭТО ЛЮБОВЬ (16+)
01.30 Х/Ф «МАЛАВИТА» (16+)
03.35 М/Ф «КНИГА ЖИЗНИ» (12+)
ТВ3
5.30 ТАЙНЫЕ ЗНАКИ: «ОЛИМ-ПИАДА-80. КГБ ПРОТИВ КГБ» (12+)
6.00 МУЛЬТФИЛЬМЫ
9.30 Т/С «СЛЕПАЯ» (12+)
10.30 Д/С «ГАДАЛКА: «БЛОН-ДИНКА» (12+)
11.00 Д/С «ГАДАЛКА: «СПАСИ-ТЕЛЬНИЦА» (12+)
11.30 НЕ ВРИ МНЕ (12+)
13.30 Д/С «ОХОТНИКИ ЗА ПРИВИДЕНИЯМИ» (16+)
15.00 МИСТИЧЕСКИЕ ИСТО-РИИ (16+)
16.00 Д/С «ГАДАЛКА» (12+)
17.35 Т/С «СЛЕПАЯ» (12+)
18.40 Т/С «СКОРПИОН» (16+)
21.15 Т/С «МЕНТАЛИСТ» (12+)
23.00 Х/Ф «ЛУЧШИЕ ИЗ ЛУ-ЧШИХ: БЕЗ ПРЕДУ-ПРЕЖДЕНИЯ» (16+)
00.45 Т/С «ЗДЕСЬ КТО-ТО ЕСТЬ» (16+)
03.45 ТАЙНЫЕ ЗНАКИ: «ЗАГО-ВОР ПОСЛОВ» (12+)
ЗВЕЗДА
6.00 СЕГОДНЯ УТРОМ
8.00 Т/С «СПЕЦОТРЯД «ШТОРМ» (16+)
9.00 НОВОСТИ ДНЯ
9.15 Т/С «СПЕЦОТРЯД «ШТОРМ» (16+)
17.10 Д/С «ЛЕГЕНДАРНЫЕ САМОЛЕТЫ» (6+)
18.15 «ОРУЖИЕ XX ВЕКА» (12+)
18.40 Д/С «БИТВА ОРУЖЕЙ-НИКОВ: «ТЯЖЕЛЫЕ ТАНКИ» (12+)
19.35 ЛЕГЕНДЫ КИНО: «ЕВ-ГЕНИЙ МАТВЕЕВ» (6+)
20.20 ТЕОРИЯ ЗАГОВОРА (12+)
20.45 КОД ДОСТУПА: «БАРАК ОБАМА» (12+)
21.35 ПРОЦЕСС (12+)
23.00 НОВОСТИ ДНЯ
23.15 Д/С «ЛЕГЕНДЫ СОВЕТ-СКОГО СЫСКА» (16+)
00.00 ЗВЕЗДА НА «ЗВЕЗДЕ» (6+)
00.45 Х/Ф «ШЕСТОЙ» (12+)
02.30 Х/Ф «ПРОПАВШИЕ СРЕ-ДИ ЖИВЫХ» (12+)
04.05 Х/Ф «ГОРОЖАНЕ» (12+)
ЧЕ
5.30 ПРОВЕРЬ ТЕОРИЮ НА ПРОЧНОСТЬ (12+)
6.30 Д/С «100 ВЕЛИКИХ» (16+)
7.00 МУЛЬТФИЛЬМЫ
7.30 ДОРОЖНЫЕ ВОЙНЫ (16+)
9.30 АНТИКОЛЛЕКТОРЫ (16+)
10.30 РЕШАЛА (16+)
12.30 Х/Ф «СТРАХОВЩИК» (16+)
14.30 УТИЛИЗАТОР (16+)
16.30 АНТИКОЛЛЕКТОРЫ (16+)
18.30 РЕШАЛА (16+)
21.30 Х/Ф «БОЛЬШАЯ РАДИ-ОСТАНЦИЯ» (18+)
23.30 Т/С «ВИКИНГИ» (18+)
01.00 Т/С «МОСКВА. ЦЕНТРАЛЬ-НЫЙ ОКРУГ» (16+)
02.50 ДОРОЖНЫЕ ВОЙНЫ (16+)
5 КАНАЛ
5.00 ИЗВЕСТИЯ
5.10 Т/С «РАЗВЕДЧИКИ» (16+)
9.00 ИЗВЕСТИЯ
9.25 Т/С «КРЕПОСТЬ» (16+)
12.40 Т/С «НАРКОМОВСКИЙ ОБОЗ» (16+)
13.00 ИЗВЕСТИЯ
13.25 Т/С «НАРКОМОВСКИЙ ОБОЗ» (16+)
16.40 Т/С «ДЕТЕКТИВЫ» (16+)
18.00 Т/С «СЛЕД» (16+)
22.00 ИЗВЕСТИЯ
22.30 Т/С «СЛЕД» (16+)
00.00 ИЗВЕСТИЯ. ИТОГОВЫЙ ВЫПУСК
00.30 Х/Ф «СВЕРСТНИЦЫ» (12+)
02.10 Т/С «СПЕЦОТРЯД «ШТОРМ» (16+)
